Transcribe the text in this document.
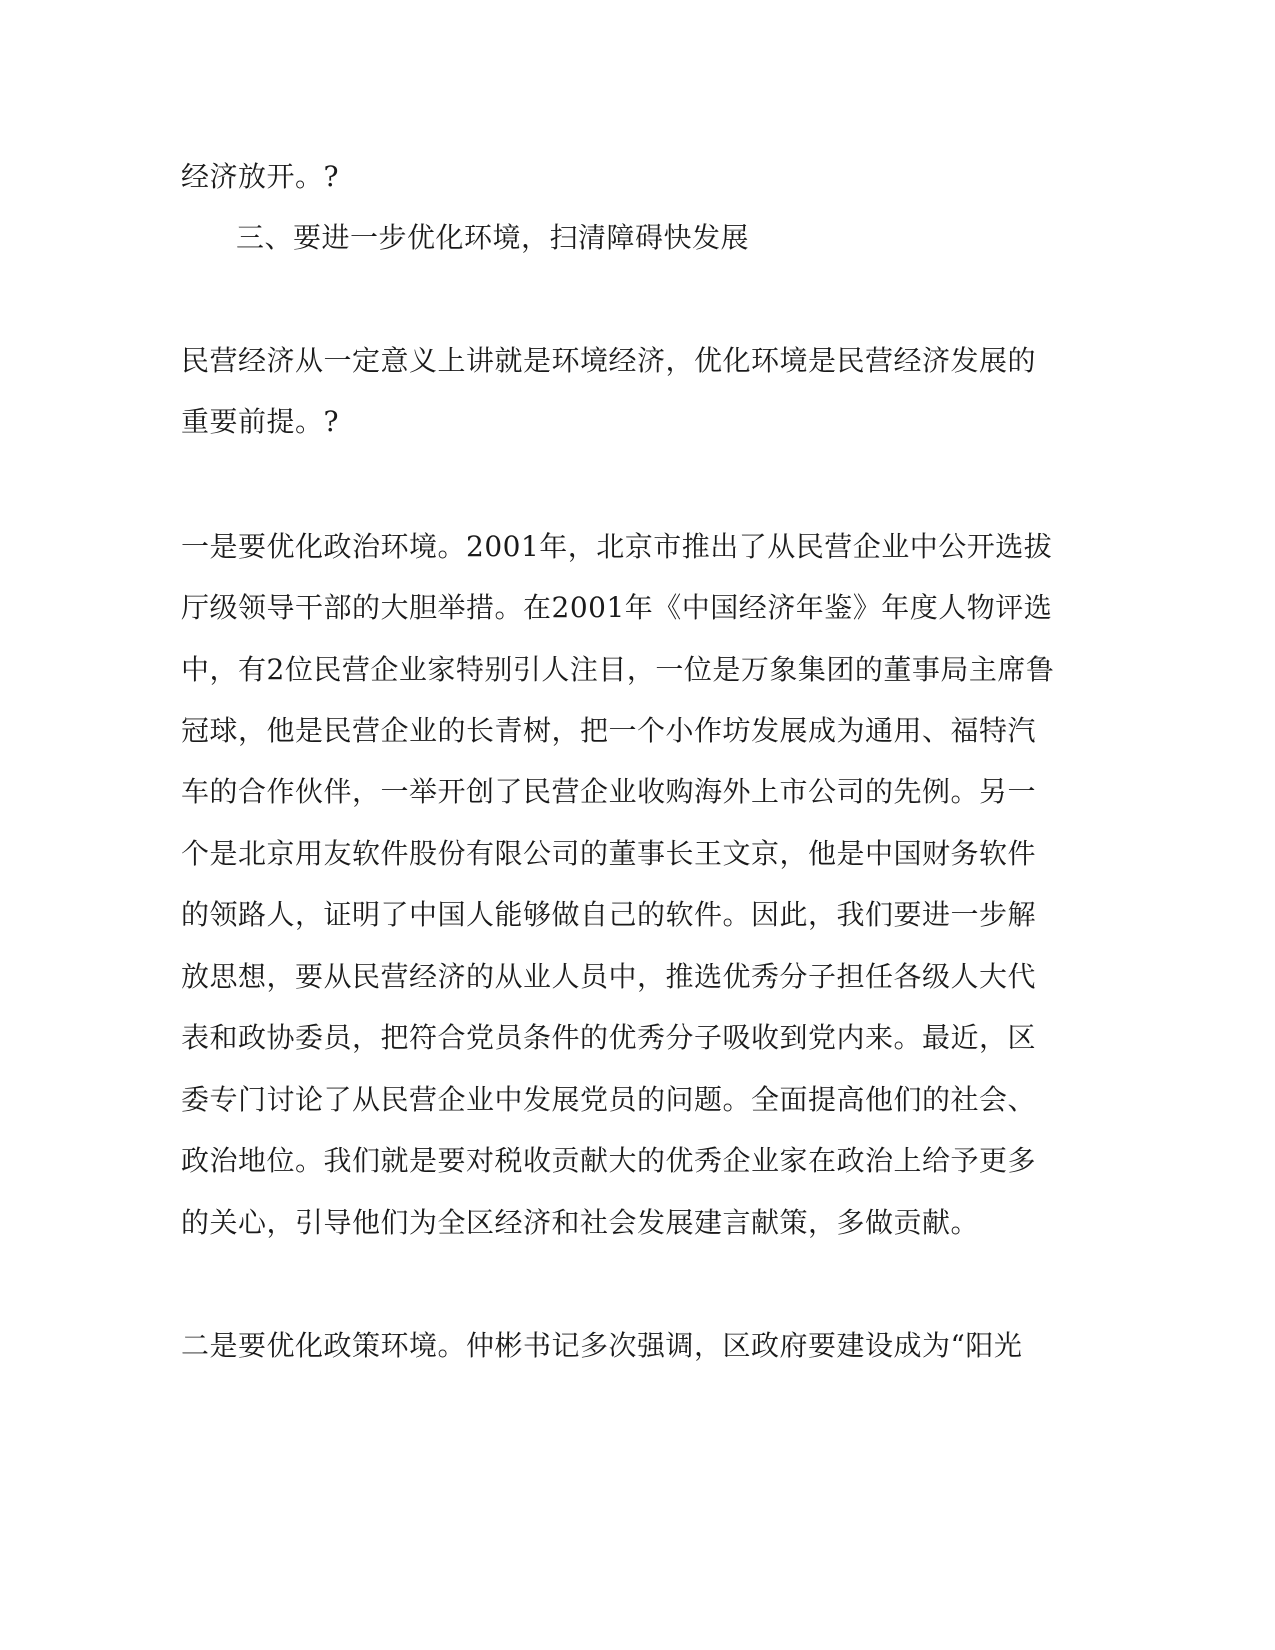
经济放开。?
三、要进一步优化环境，扫清障碍快发展
民营经济从一定意义上讲就是环境经济，优化环境是民营经济发展的
重要前提。?
一是要优化政治环境。2001年，北京市推出了从民营企业中公开选拔
厅级领导干部的大胆举措。在2001年《中国经济年鉴》年度人物评选
中，有2位民营企业家特别引人注目，一位是万象集团的董事局主席鲁
冠球，他是民营企业的长青树，把一个小作坊发展成为通用、福特汽
车的合作伙伴，一举开创了民营企业收购海外上市公司的先例。另一
个是北京用友软件股份有限公司的董事长王文京，他是中国财务软件
的领路人，证明了中国人能够做自己的软件。因此，我们要进一步解
放思想，要从民营经济的从业人员中，推选优秀分子担任各级人大代
表和政协委员，把符合党员条件的优秀分子吸收到党内来。最近，区
委专门讨论了从民营企业中发展党员的问题。全面提高他们的社会、
政治地位。我们就是要对税收贡献大的优秀企业家在政治上给予更多
的关心，引导他们为全区经济和社会发展建言献策，多做贡献。
二是要优化政策环境。仲彬书记多次强调，区政府要建设成为“阳光
